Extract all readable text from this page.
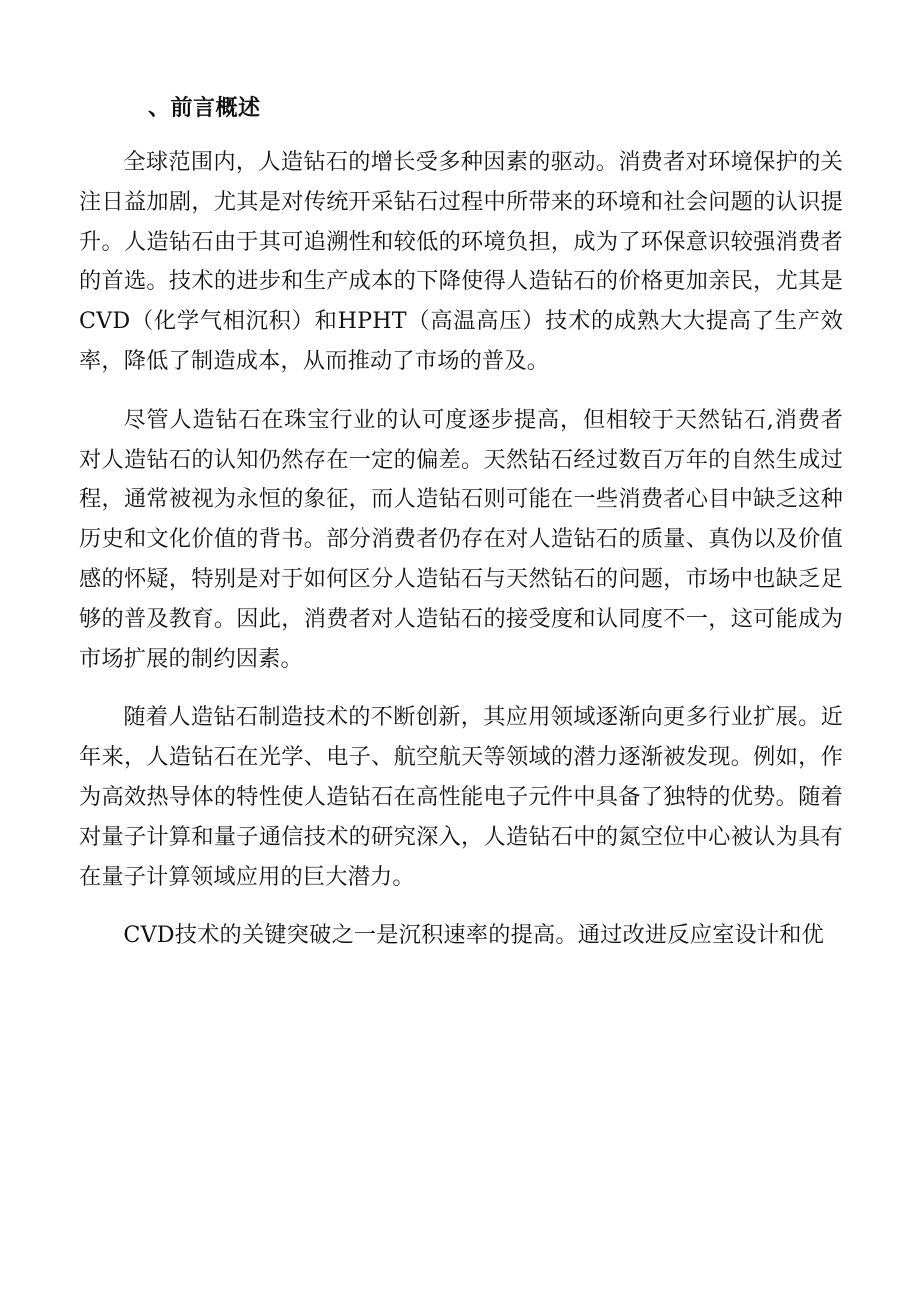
、前言概述

全球范围内，人造钻石的增长受多种因素的驱动。消费者对环境保护的关注日益加剧，尤其是对传统开采钻石过程中所带来的环境和社会问题的认识提升。人造钻石由于其可追溯性和较低的环境负担，成为了环保意识较强消费者的首选。技术的进步和生产成本的下降使得人造钻石的价格更加亲民，尤其是CVD（化学气相沉积）和HPHT（高温高压）技术的成熟大大提高了生产效率，降低了制造成本，从而推动了市场的普及。

尽管人造钻石在珠宝行业的认可度逐步提高，但相较于天然钻石,消费者对人造钻石的认知仍然存在一定的偏差。天然钻石经过数百万年的自然生成过程，通常被视为永恒的象征，而人造钻石则可能在一些消费者心目中缺乏这种历史和文化价值的背书。部分消费者仍存在对人造钻石的质量、真伪以及价值感的怀疑，特别是对于如何区分人造钻石与天然钻石的问题，市场中也缺乏足够的普及教育。因此，消费者对人造钻石的接受度和认同度不一，这可能成为市场扩展的制约因素。

随着人造钻石制造技术的不断创新，其应用领域逐渐向更多行业扩展。近年来，人造钻石在光学、电子、航空航天等领域的潜力逐渐被发现。例如，作为高效热导体的特性使人造钻石在高性能电子元件中具备了独特的优势。随着对量子计算和量子通信技术的研究深入，人造钻石中的氮空位中心被认为具有在量子计算领域应用的巨大潜力。

CVD技术的关键突破之一是沉积速率的提高。通过改进反应室设计和优
